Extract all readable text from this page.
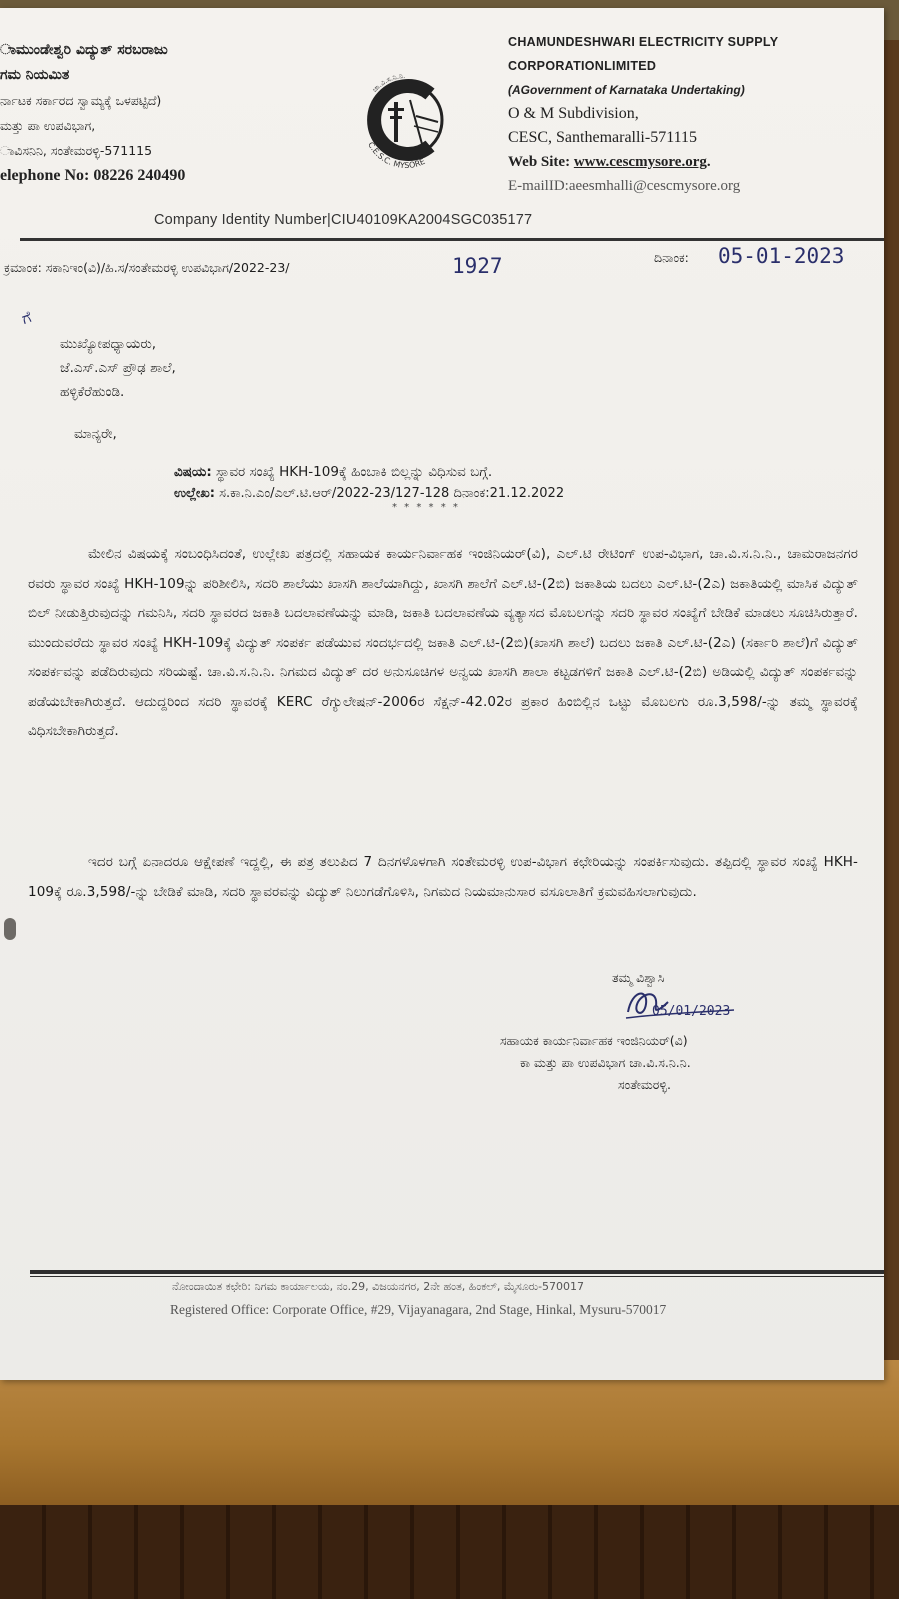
ಾಮುಂಡೇಶ್ವರಿ ವಿದ್ಯುತ್ ಸರಬರಾಜು
ಗಮ ನಿಯಮಿತ
ರ್ನಾಟಕ ಸರ್ಕಾರದ ಸ್ವಾಮ್ಯಕ್ಕೆ ಒಳಪಟ್ಟಿದೆ)
ಮತ್ತು ಪಾ ಉಪವಿಭಾಗ,
ಾವಿಸನಿನಿ, ಸಂತೇಮರಳ್ಳಿ-571115
elephone No: 08226 240490
C.E.S.C. MYSORE
ಚಾ.ವಿ.ಸ.ನಿ.ನಿ.
CHAMUNDESHWARI ELECTRICITY SUPPLY
CORPORATIONLIMITED
(AGovernment of Karnataka Undertaking)
O & M Subdivision,
CESC, Santhemaralli-571115
Web Site: www.cescmysore.org.
E-mailID:aeesmhalli@cescmysore.org
Company Identity Number|CIU40109KA2004SGC035177
ಕ್ರಮಾಂಕ: ಸಕಾನಿಇಂ(ವಿ)/ಹಿ.ಸ/ಸಂತೇಮರಳ್ಳಿ ಉಪವಿಭಾಗ/2022-23/	1927	ದಿನಾಂಕ: 05-01-2023
ಗೆ
ಮುಖ್ಯೋಪಧ್ಯಾಯರು,
ಜೆ.ಎಸ್.ಎಸ್ ಪ್ರೌಢ ಶಾಲೆ,
ಹಳ್ಳಿಕೆರೆಹುಂಡಿ.
ಮಾನ್ಯರೇ,
ವಿಷಯ: ಸ್ಥಾವರ ಸಂಖ್ಯೆ HKH-109ಕ್ಕೆ ಹಿಂಬಾಕಿ ಬಿಲ್ಲನ್ನು ವಿಧಿಸುವ ಬಗ್ಗೆ.
ಉಲ್ಲೇಖ: ಸ.ಕಾ.ನಿ.ಎಂ/ಎಲ್.ಟಿ.ಆರ್/2022-23/127-128 ದಿನಾಂಕ:21.12.2022
* * * * * *
ಮೇಲಿನ ವಿಷಯಕ್ಕೆ ಸಂಬಂಧಿಸಿದಂತೆ, ಉಲ್ಲೇಖ ಪತ್ರದಲ್ಲಿ ಸಹಾಯಕ ಕಾರ್ಯನಿರ್ವಾಹಕ ಇಂಜಿನಿಯರ್(ವಿ), ಎಲ್.ಟಿ ರೇಟಿಂಗ್ ಉಪ-ವಿಭಾಗ, ಚಾ.ವಿ.ಸ.ನಿ.ನಿ., ಚಾಮರಾಜನಗರ ರವರು ಸ್ಥಾವರ ಸಂಖ್ಯೆ HKH-109ನ್ನು ಪರಿಶೀಲಿಸಿ, ಸದರಿ ಶಾಲೆಯು ಖಾಸಗಿ ಶಾಲೆಯಾಗಿದ್ದು, ಖಾಸಗಿ ಶಾಲೆಗೆ ಎಲ್.ಟಿ-(2ಬಿ) ಜಕಾತಿಯ ಬದಲು ಎಲ್.ಟಿ-(2ಎ) ಜಕಾತಿಯಲ್ಲಿ ಮಾಸಿಕ ವಿದ್ಯುತ್ ಬಿಲ್ ನೀಡುತ್ತಿರುವುದನ್ನು ಗಮನಿಸಿ, ಸದರಿ ಸ್ಥಾವರದ ಜಕಾತಿ ಬದಲಾವಣೆಯನ್ನು ಮಾಡಿ, ಜಕಾತಿ ಬದಲಾವಣೆಯ ವ್ಯತ್ಯಾಸದ ಮೊಬಲಗನ್ನು ಸದರಿ ಸ್ಥಾವರ ಸಂಖ್ಯೆಗೆ ಬೇಡಿಕೆ ಮಾಡಲು ಸೂಚಿಸಿರುತ್ತಾರೆ. ಮುಂದುವರೆದು ಸ್ಥಾವರ ಸಂಖ್ಯೆ HKH-109ಕ್ಕೆ ವಿದ್ಯುತ್ ಸಂಪರ್ಕ ಪಡೆಯುವ ಸಂದರ್ಭದಲ್ಲಿ ಜಕಾತಿ ಎಲ್.ಟಿ-(2ಬಿ)(ಖಾಸಗಿ ಶಾಲೆ) ಬದಲು ಜಕಾತಿ ಎಲ್.ಟಿ-(2ಎ) (ಸರ್ಕಾರಿ ಶಾಲೆ)ಗೆ ವಿದ್ಯುತ್ ಸಂಪರ್ಕವನ್ನು ಪಡೆದಿರುವುದು ಸರಿಯಷ್ಟೆ. ಚಾ.ವಿ.ಸ.ನಿ.ನಿ. ನಿಗಮದ ವಿದ್ಯುತ್ ದರ ಅನುಸೂಚಿಗಳ ಅನ್ವಯ ಖಾಸಗಿ ಶಾಲಾ ಕಟ್ಟಡಗಳಿಗೆ ಜಕಾತಿ ಎಲ್.ಟಿ-(2ಬಿ) ಅಡಿಯಲ್ಲಿ ವಿದ್ಯುತ್ ಸಂಪರ್ಕವನ್ನು ಪಡೆಯಬೇಕಾಗಿರುತ್ತದೆ. ಆದುದ್ದರಿಂದ ಸದರಿ ಸ್ಥಾವರಕ್ಕೆ KERC ರೆಗ್ಯುಲೇಷನ್-2006ರ ಸೆಕ್ಷನ್-42.02ರ ಪ್ರಕಾರ ಹಿಂಬಿಲ್ಲಿನ ಒಟ್ಟು ಮೊಬಲಗು ರೂ.3,598/-ನ್ನು ತಮ್ಮ ಸ್ಥಾವರಕ್ಕೆ ವಿಧಿಸಬೇಕಾಗಿರುತ್ತದೆ.
ಇದರ ಬಗ್ಗೆ ಏನಾದರೂ ಆಕ್ಷೇಪಣೆ ಇದ್ದಲ್ಲಿ, ಈ ಪತ್ರ ತಲುಪಿದ 7 ದಿನಗಳೊಳಗಾಗಿ ಸಂತೇಮರಳ್ಳಿ ಉಪ-ವಿಭಾಗ ಕಛೇರಿಯನ್ನು ಸಂಪರ್ಕಿಸುವುದು. ತಪ್ಪಿದಲ್ಲಿ ಸ್ಥಾವರ ಸಂಖ್ಯೆ HKH-109ಕ್ಕೆ ರೂ.3,598/-ನ್ನು ಬೇಡಿಕೆ ಮಾಡಿ, ಸದರಿ ಸ್ಥಾವರವನ್ನು ವಿದ್ಯುತ್ ನಿಲುಗಡೆಗೊಳಿಸಿ, ನಿಗಮದ ನಿಯಮಾನುಸಾರ ವಸೂಲಾತಿಗೆ ಕ್ರಮವಹಿಸಲಾಗುವುದು.
ತಮ್ಮ ವಿಶ್ವಾಸಿ
05/01/2023
ಸಹಾಯಕ ಕಾರ್ಯನಿರ್ವಾಹಕ ಇಂಜಿನಿಯರ್(ವಿ)
ಕಾ ಮತ್ತು ಪಾ ಉಪವಿಭಾಗ ಚಾ.ವಿ.ಸ.ನಿ.ನಿ.
ಸಂತೇಮರಳ್ಳಿ.
ನೋಂದಾಯಿತ ಕಛೇರಿ: ನಿಗಮ ಕಾರ್ಯಾಲಯ, ನಂ.29, ವಿಜಯನಗರ, 2ನೇ ಹಂತ, ಹಿಂಕಲ್, ಮೈಸೂರು-570017
Registered Office: Corporate Office, #29, Vijayanagara, 2nd Stage, Hinkal, Mysuru-570017
